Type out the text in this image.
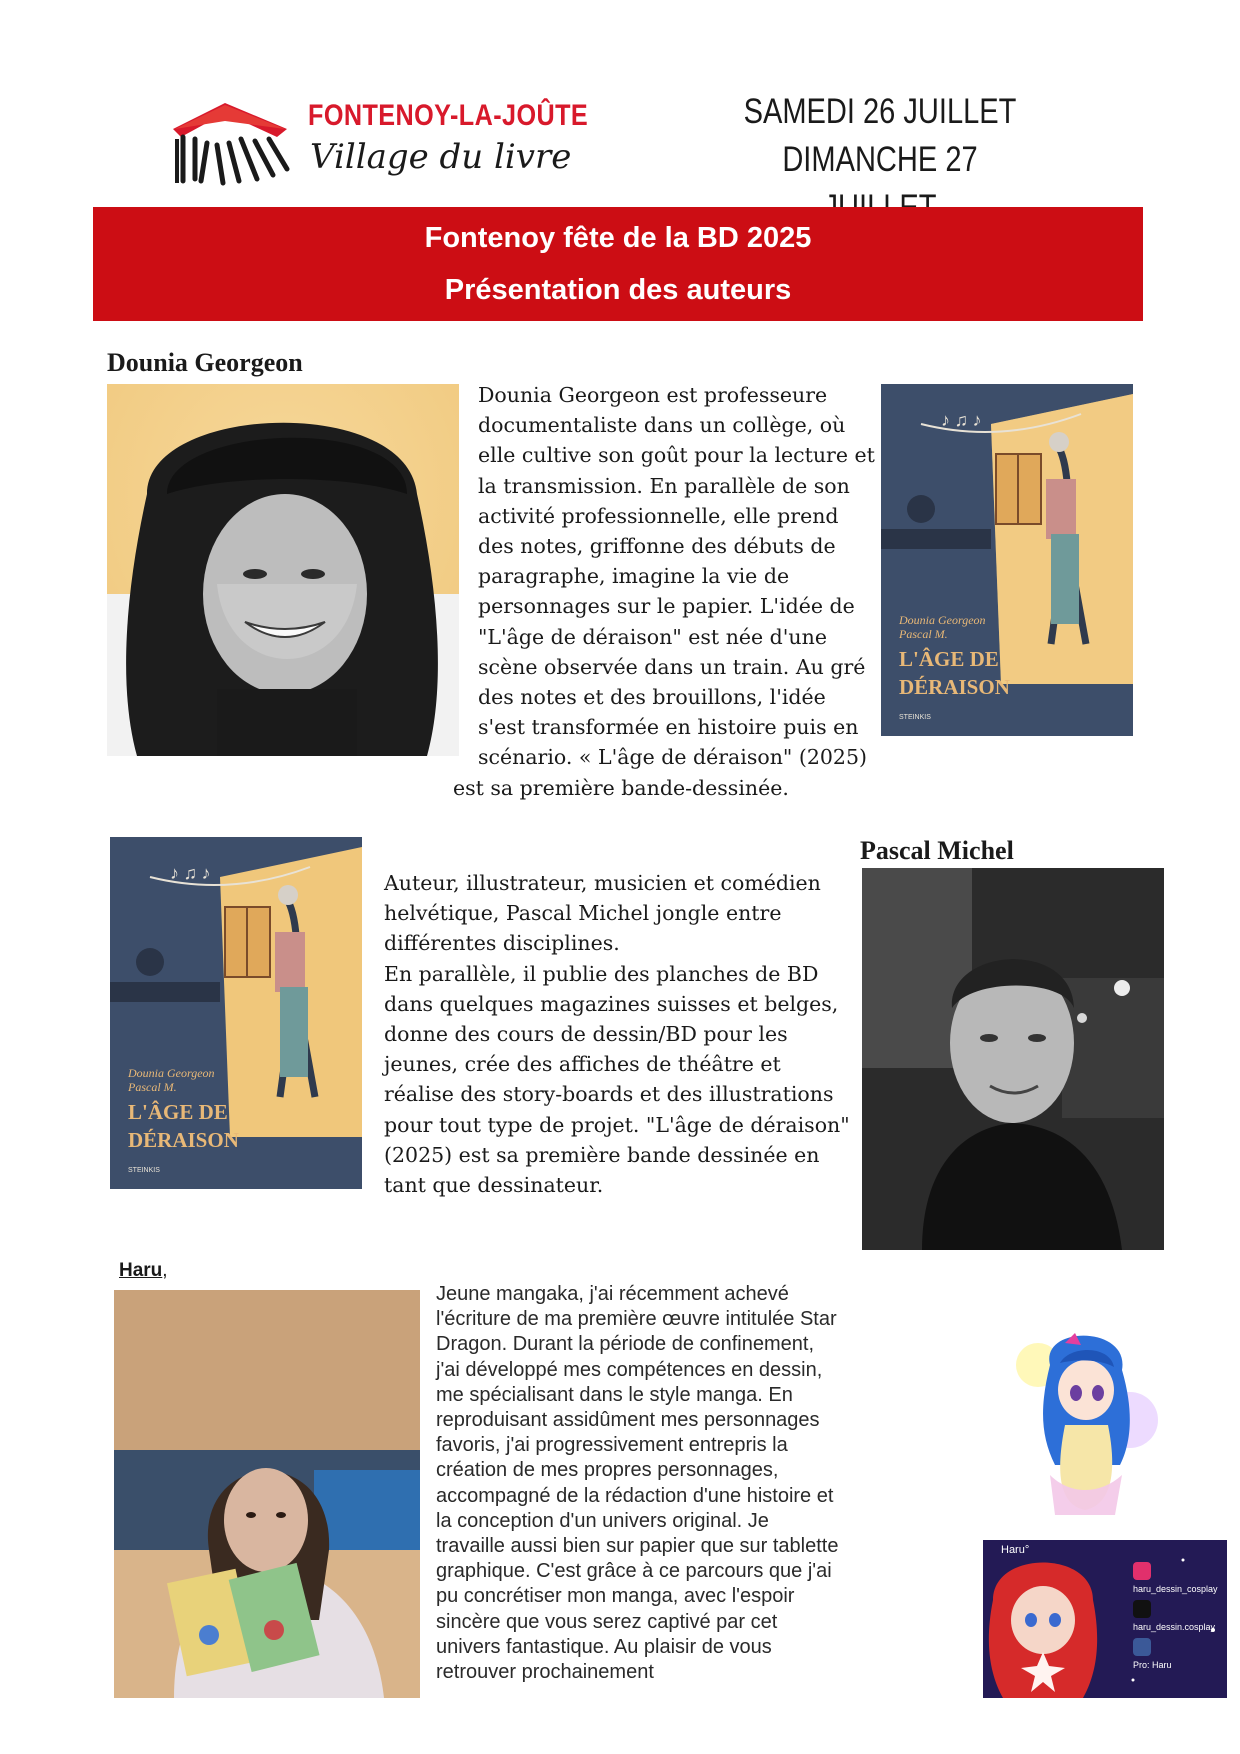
FONTENOY-LA-JOÛTE
Village du livre
SAMEDI 26 JUILLET
DIMANCHE 27
Fontenoy fête de la BD 2025
Présentation des auteurs
Dounia Georgeon
Dounia Georgeon est professeure
documentaliste dans un collège, où
elle cultive son goût pour la lecture et
la transmission. En parallèle de son
activité professionnelle, elle prend
des notes, griffonne des débuts de
paragraphe, imagine la vie de
personnages sur le papier. L'idée de
"L'âge de déraison" est née d'une
scène observée dans un train. Au gré
des notes et des brouillons, l'idée
s'est transformée en histoire puis en
scénario. « L'âge de déraison" (2025)
est sa première bande-dessinée.
♪ ♫ ♪
Dounia Georgeon
Pascal M.
L'ÂGE DE
DÉRAISON
STEINKIS
♪ ♫ ♪
Dounia Georgeon
Pascal M.
L'ÂGE DE
DÉRAISON
STEINKIS
Auteur, illustrateur, musicien et comédien
helvétique, Pascal Michel jongle entre
différentes disciplines.
En parallèle, il publie des planches de BD
dans quelques magazines suisses et belges,
donne des cours de dessin/BD pour les
jeunes, crée des affiches de théâtre et
réalise des story-boards et des illustrations
pour tout type de projet. "L'âge de déraison"
(2025) est sa première bande dessinée en
tant que dessinateur.
Pascal Michel
Haru,
Jeune mangaka, j'ai récemment achevé
l'écriture de ma première œuvre intitulée Star
Dragon. Durant la période de confinement,
j'ai développé mes compétences en dessin,
me spécialisant dans le style manga. En
reproduisant assidûment mes personnages
favoris, j'ai progressivement entrepris la
création de mes propres personnages,
accompagné de la rédaction d'une histoire et
la conception d'un univers original. Je
travaille aussi bien sur papier que sur tablette
graphique. C'est grâce à ce parcours que j'ai
pu concrétiser mon manga, avec l'espoir
sincère que vous serez captivé par cet
univers fantastique. Au plaisir de vous
retrouver prochainement
Haru°
haru_dessin_cosplay
haru_dessin.cosplay
Pro: Haru
